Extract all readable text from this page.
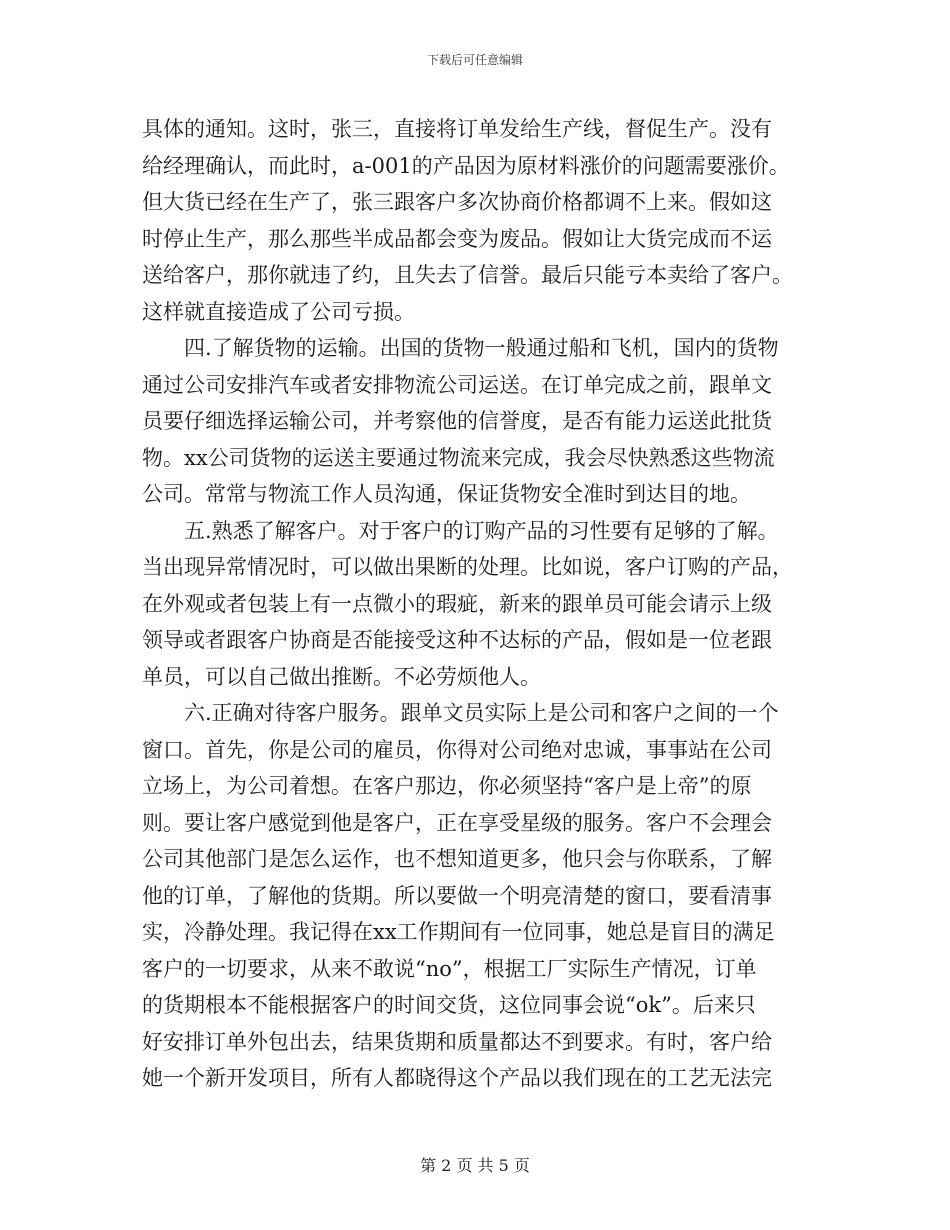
下载后可任意编辑
具体的通知。这时，张三，直接将订单发给生产线，督促生产。没有
给经理确认，而此时，a-001的产品因为原材料涨价的问题需要涨价。
但大货已经在生产了，张三跟客户多次协商价格都调不上来。假如这
时停止生产，那么那些半成品都会变为废品。假如让大货完成而不运
送给客户，那你就违了约，且失去了信誉。最后只能亏本卖给了客户。
这样就直接造成了公司亏损。
　　四.了解货物的运输。出国的货物一般通过船和飞机，国内的货物
通过公司安排汽车或者安排物流公司运送。在订单完成之前，跟单文
员要仔细选择运输公司，并考察他的信誉度，是否有能力运送此批货
物。xx公司货物的运送主要通过物流来完成，我会尽快熟悉这些物流
公司。常常与物流工作人员沟通，保证货物安全准时到达目的地。
　　五.熟悉了解客户。对于客户的订购产品的习性要有足够的了解。
当出现异常情况时，可以做出果断的处理。比如说，客户订购的产品，
在外观或者包装上有一点微小的瑕疵，新来的跟单员可能会请示上级
领导或者跟客户协商是否能接受这种不达标的产品，假如是一位老跟
单员，可以自己做出推断。不必劳烦他人。
　　六.正确对待客户服务。跟单文员实际上是公司和客户之间的一个
窗口。首先，你是公司的雇员，你得对公司绝对忠诚，事事站在公司
立场上，为公司着想。在客户那边，你必须坚持“客户是上帝”的原
则。要让客户感觉到他是客户，正在享受星级的服务。客户不会理会
公司其他部门是怎么运作，也不想知道更多，他只会与你联系，了解
他的订单，了解他的货期。所以要做一个明亮清楚的窗口，要看清事
实，冷静处理。我记得在xx工作期间有一位同事，她总是盲目的满足
客户的一切要求，从来不敢说“no”，根据工厂实际生产情况，订单
的货期根本不能根据客户的时间交货，这位同事会说“ok”。后来只
好安排订单外包出去，结果货期和质量都达不到要求。有时，客户给
她一个新开发项目，所有人都晓得这个产品以我们现在的工艺无法完
第 2 页 共 5 页
